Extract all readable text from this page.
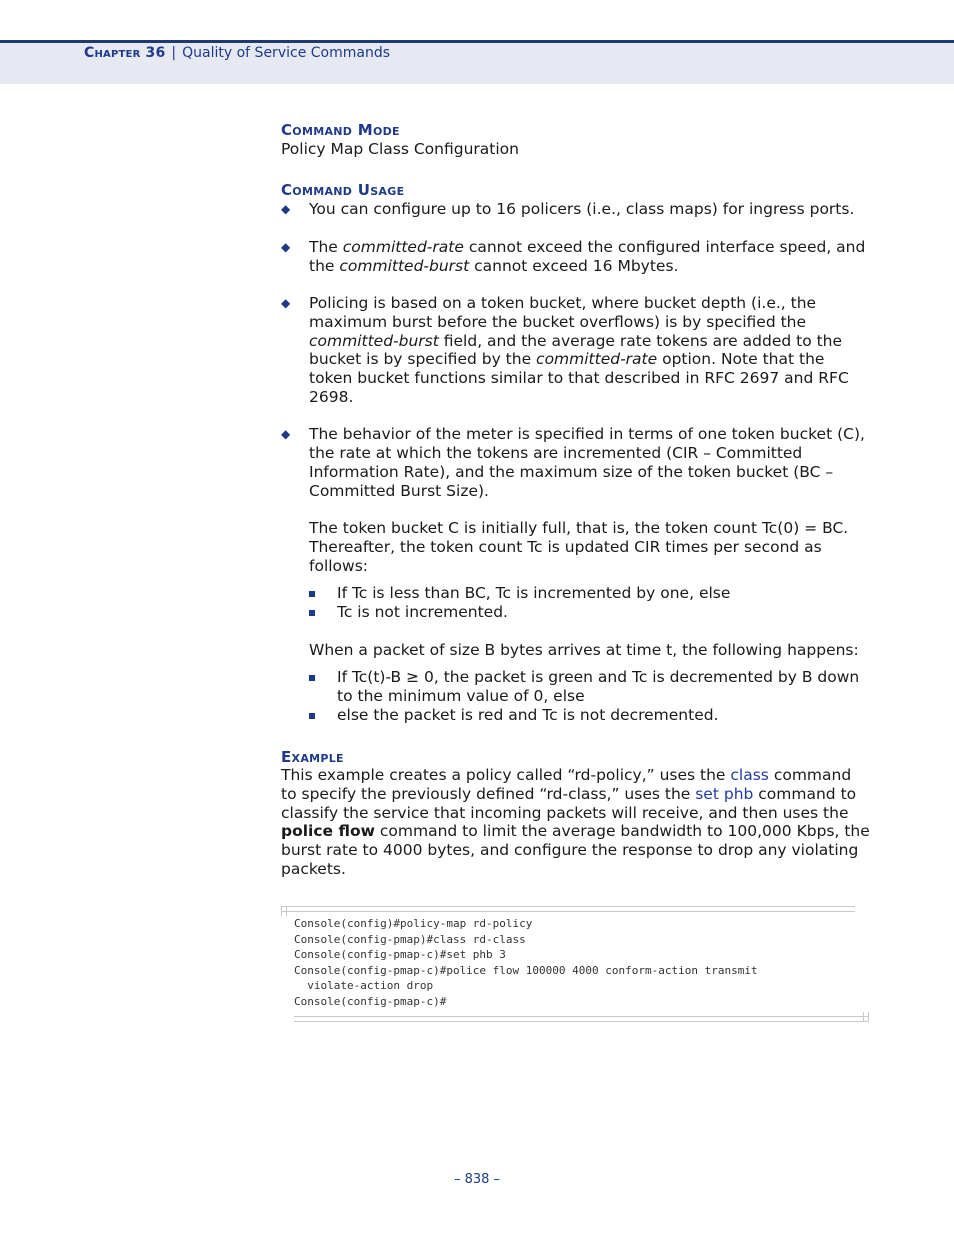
Chapter 36 | Quality of Service Commands
Command Mode

Policy Map Class Configuration

Command Usage
◆ You can configure up to 16 policers (i.e., class maps) for ingress ports.
◆ The committed-rate cannot exceed the configured interface speed, and the committed-burst cannot exceed 16 Mbytes.
◆ Policing is based on a token bucket, where bucket depth (i.e., the maximum burst before the bucket overflows) is by specified the committed-burst field, and the average rate tokens are added to the bucket is by specified by the committed-rate option. Note that the token bucket functions similar to that described in RFC 2697 and RFC 2698.
◆ The behavior of the meter is specified in terms of one token bucket (C), the rate at which the tokens are incremented (CIR – Committed Information Rate), and the maximum size of the token bucket (BC – Committed Burst Size).
The token bucket C is initially full, that is, the token count Tc(0) = BC. Thereafter, the token count Tc is updated CIR times per second as follows:
If Tc is less than BC, Tc is incremented by one, else
Tc is not incremented.
When a packet of size B bytes arrives at time t, the following happens:
If Tc(t)-B ≥ 0, the packet is green and Tc is decremented by B down to the minimum value of 0, else
else the packet is red and Tc is not decremented.
Example

This example creates a policy called “rd-policy,” uses the class command to specify the previously defined “rd-class,” uses the set phb command to classify the service that incoming packets will receive, and then uses the police flow command to limit the average bandwidth to 100,000 Kbps, the burst rate to 4000 bytes, and configure the response to drop any violating packets.

Console(config)#policy-map rd-policy
Console(config-pmap)#class rd-class
Console(config-pmap-c)#set phb 3
Console(config-pmap-c)#police flow 100000 4000 conform-action transmit
violate-action drop
Console(config-pmap-c)#
– 838 –
